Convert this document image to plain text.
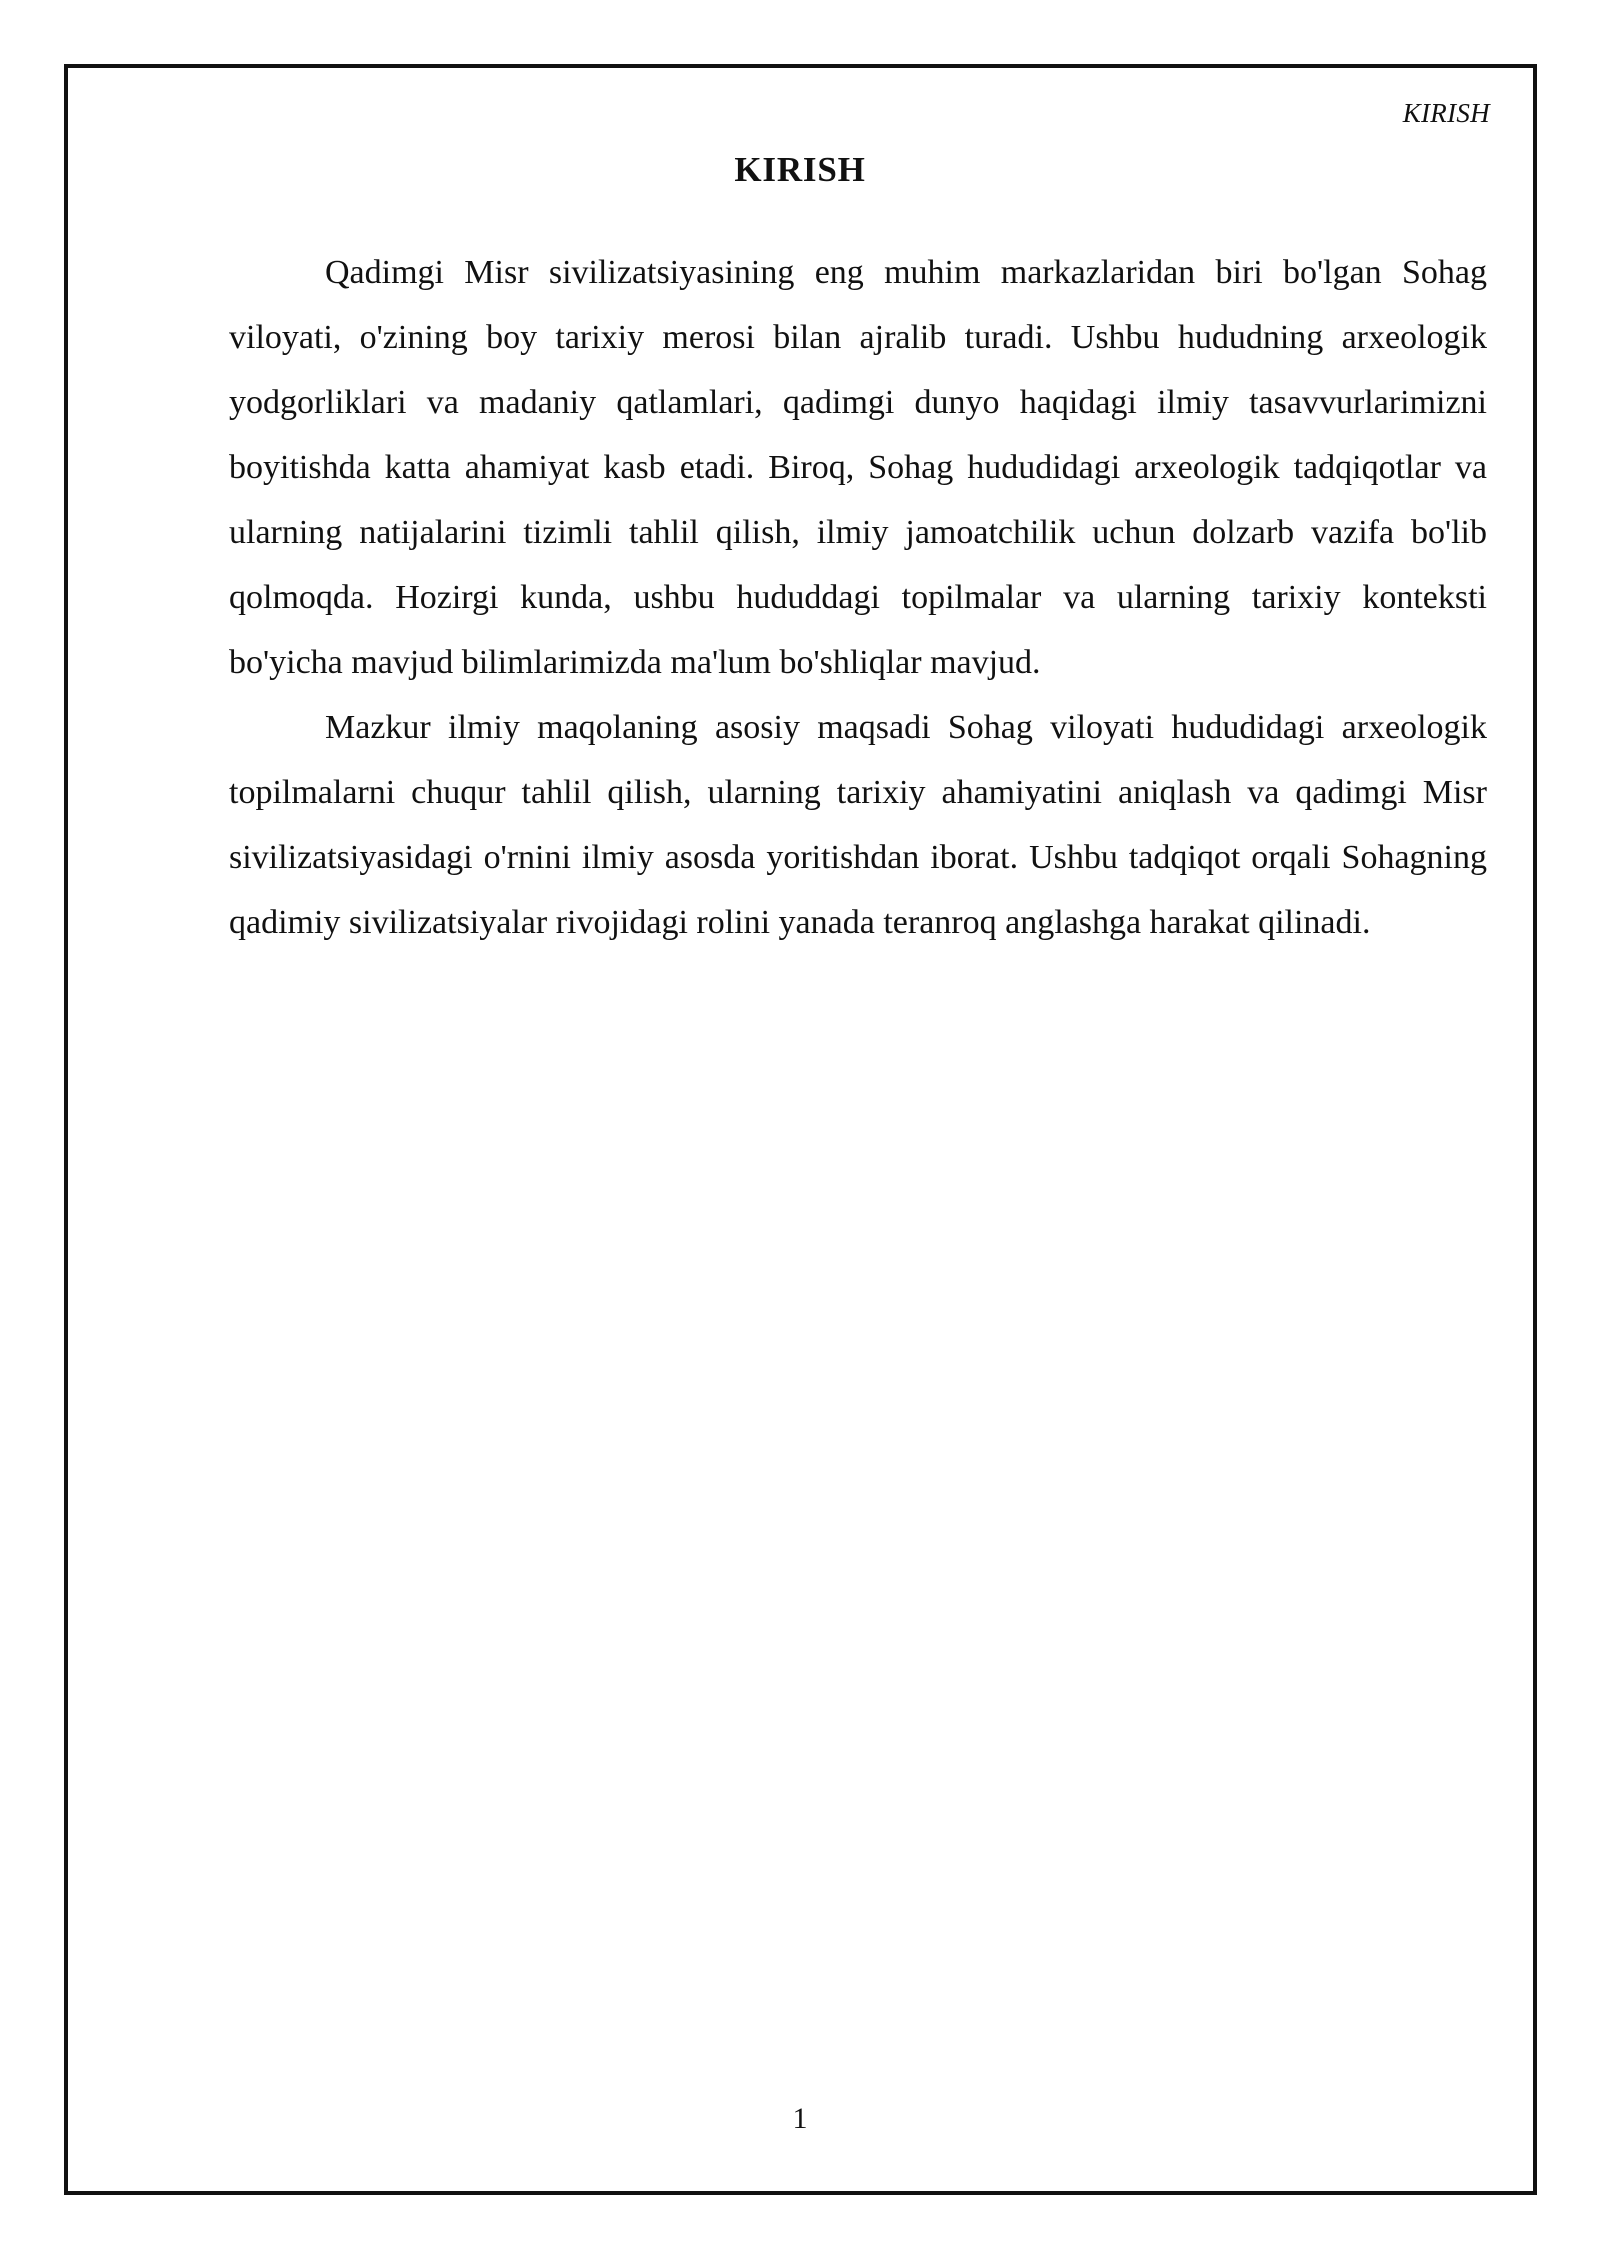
KIRISH
KIRISH

Qadimgi Misr sivilizatsiyasining eng muhim markazlaridan biri bo'lgan Sohag viloyati, o'zining boy tarixiy merosi bilan ajralib turadi. Ushbu hududning arxeologik yodgorliklari va madaniy qatlamlari, qadimgi dunyo haqidagi ilmiy tasavvurlarimizni boyitishda katta ahamiyat kasb etadi. Biroq, Sohag hududidagi arxeologik tadqiqotlar va ularning natijalarini tizimli tahlil qilish, ilmiy jamoatchilik uchun dolzarb vazifa bo'lib qolmoqda. Hozirgi kunda, ushbu hududdagi topilmalar va ularning tarixiy konteksti bo'yicha mavjud bilimlarimizda ma'lum bo'shliqlar mavjud.

Mazkur ilmiy maqolaning asosiy maqsadi Sohag viloyati hududidagi arxeologik topilmalarni chuqur tahlil qilish, ularning tarixiy ahamiyatini aniqlash va qadimgi Misr sivilizatsiyasidagi o'rnini ilmiy asosda yoritishdan iborat. Ushbu tadqiqot orqali Sohagning qadimiy sivilizatsiyalar rivojidagi rolini yanada teranroq anglashga harakat qilinadi.

1
